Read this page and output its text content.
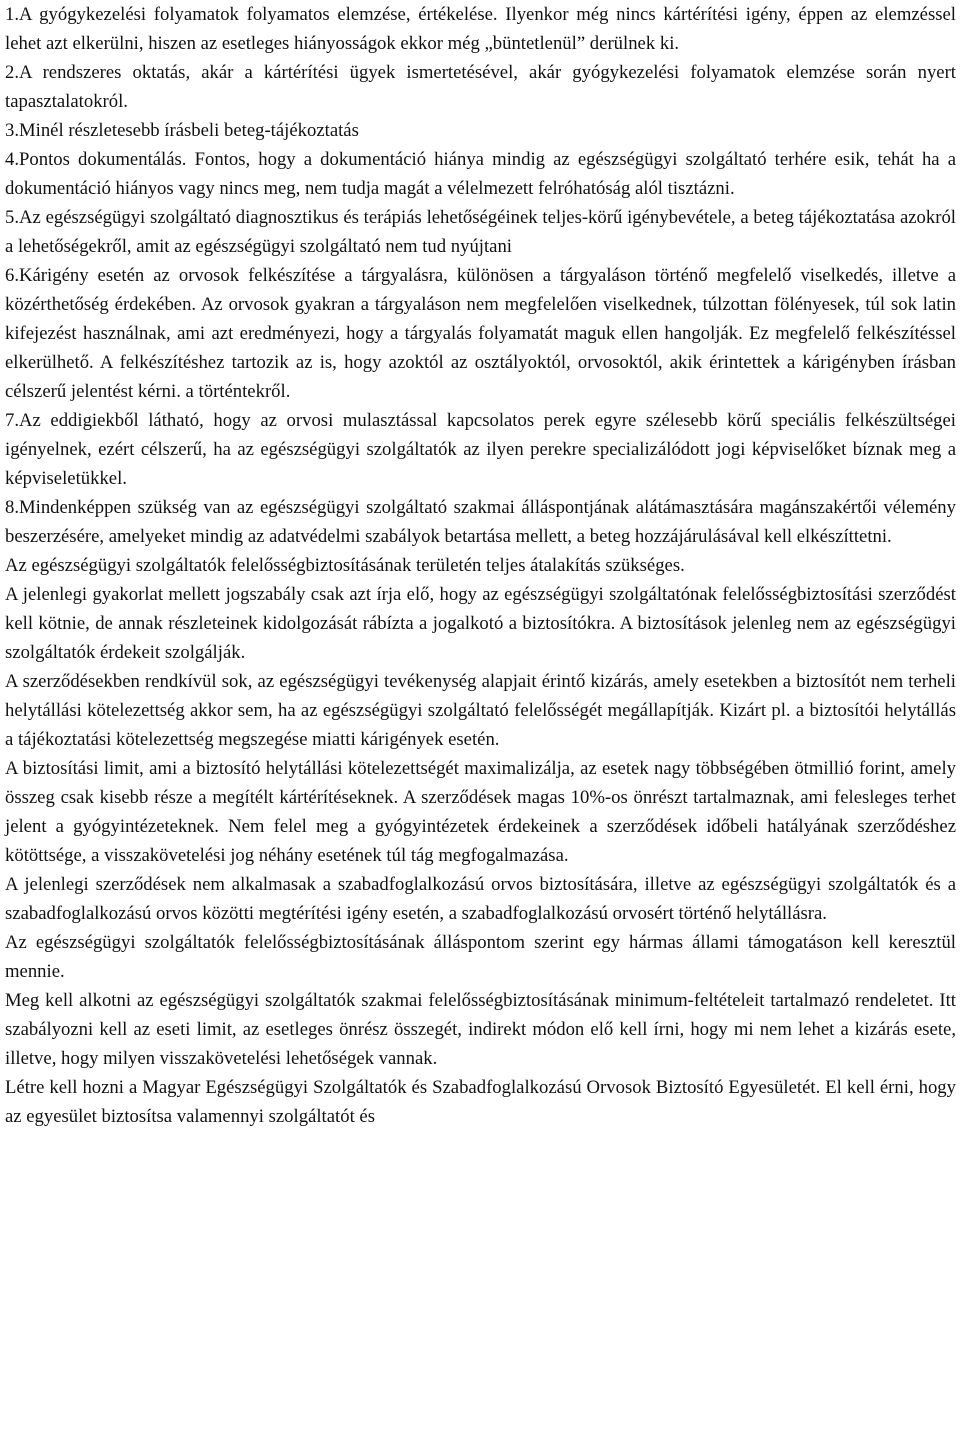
1.A gyógykezelési folyamatok folyamatos elemzése, értékelése. Ilyenkor még nincs kártérítési igény, éppen az elemzéssel lehet azt elkerülni, hiszen az esetleges hiányosságok ekkor még „büntetlenül” derülnek ki.

2.A rendszeres oktatás, akár a kártérítési ügyek ismertetésével, akár gyógykezelési folyamatok elemzése során nyert tapasztalatokról.

3.Minél részletesebb írásbeli beteg-tájékoztatás

4.Pontos dokumentálás. Fontos, hogy a dokumentáció hiánya mindig az egészségügyi szolgáltató terhére esik, tehát ha a dokumentáció hiányos vagy nincs meg, nem tudja magát a vélelmezett felróhatóság alól tisztázni.

5.Az egészségügyi szolgáltató diagnosztikus és terápiás lehetőségéinek teljes-körű igénybevétele, a beteg tájékoztatása azokról a lehetőségekről, amit az egészségügyi szolgáltató nem tud nyújtani

6.Kárigény esetén az orvosok felkészítése a tárgyalásra, különösen a tárgyaláson történő megfelelő viselkedés, illetve a közérthetőség érdekében. Az orvosok gyakran a tárgyaláson nem megfelelően viselkednek, túlzottan fölényesek, túl sok latin kifejezést használnak, ami azt eredményezi, hogy a tárgyalás folyamatát maguk ellen hangolják. Ez megfelelő felkészítéssel elkerülhető. A felkészítéshez tartozik az is, hogy azoktól az osztályoktól, orvosoktól, akik érintettek a kárigényben írásban célszerű jelentést kérni. a történtekről.

7.Az eddigiekből látható, hogy az orvosi mulasztással kapcsolatos perek egyre szélesebb körű speciális felkészültségei igényelnek, ezért célszerű, ha az egészségügyi szolgáltatók az ilyen perekre specializálódott jogi képviselőket bíznak meg a képviseletükkel.

8.Mindenképpen szükség van az egészségügyi szolgáltató szakmai álláspontjának alátámasztására magánszakértői vélemény beszerzésére, amelyeket mindig az adatvédelmi szabályok betartása mellett, a beteg hozzájárulásával kell elkészíttetni.

Az egészségügyi szolgáltatók felelősségbiztosításának területén teljes átalakítás szükséges.

A jelenlegi gyakorlat mellett jogszabály csak azt írja elő, hogy az egészségügyi szolgáltatónak felelősségbiztosítási szerződést kell kötnie, de annak részleteinek kidolgozását rábízta a jogalkotó a biztosítókra. A biztosítások jelenleg nem az egészségügyi szolgáltatók érdekeit szolgálják.

A szerződésekben rendkívül sok, az egészségügyi tevékenység alapjait érintő kizárás, amely esetekben a biztosítót nem terheli helytállási kötelezettség akkor sem, ha az egészségügyi szolgáltató felelősségét megállapítják. Kizárt pl. a biztosítói helytállás a tájékoztatási kötelezettség megszegése miatti kárigények esetén.

A biztosítási limit, ami a biztosító helytállási kötelezettségét maximalizálja, az esetek nagy többségében ötmillió forint, amely összeg csak kisebb része a megítélt kártérítéseknek. A szerződések magas 10%-os önrészt tartalmaznak, ami felesleges terhet jelent a gyógyintézeteknek. Nem felel meg a gyógyintézetek érdekeinek a szerződések időbeli hatályának szerződéshez kötöttsége, a visszakövetelési jog néhány esetének túl tág megfogalmazása.

A jelenlegi szerződések nem alkalmasak a szabadfoglalkozású orvos biztosítására, illetve az egészségügyi szolgáltatók és a szabadfoglalkozású orvos közötti megtérítési igény esetén, a szabadfoglalkozású orvosért történő helytállásra.

Az egészségügyi szolgáltatók felelősségbiztosításának álláspontom szerint egy hármas állami támogatáson kell keresztül mennie.

Meg kell alkotni az egészségügyi szolgáltatók szakmai felelősségbiztosításának minimum-feltételeit tartalmazó rendeletet. Itt szabályozni kell az eseti limit, az esetleges önrész összegét, indirekt módon elő kell írni, hogy mi nem lehet a kizárás esete, illetve, hogy milyen visszakövetelési lehetőségek vannak.

Létre kell hozni a Magyar Egészségügyi Szolgáltatók és Szabadfoglalkozású Orvosok Biztosító Egyesületét. El kell érni, hogy az egyesület biztosítsa valamennyi szolgáltatót és
